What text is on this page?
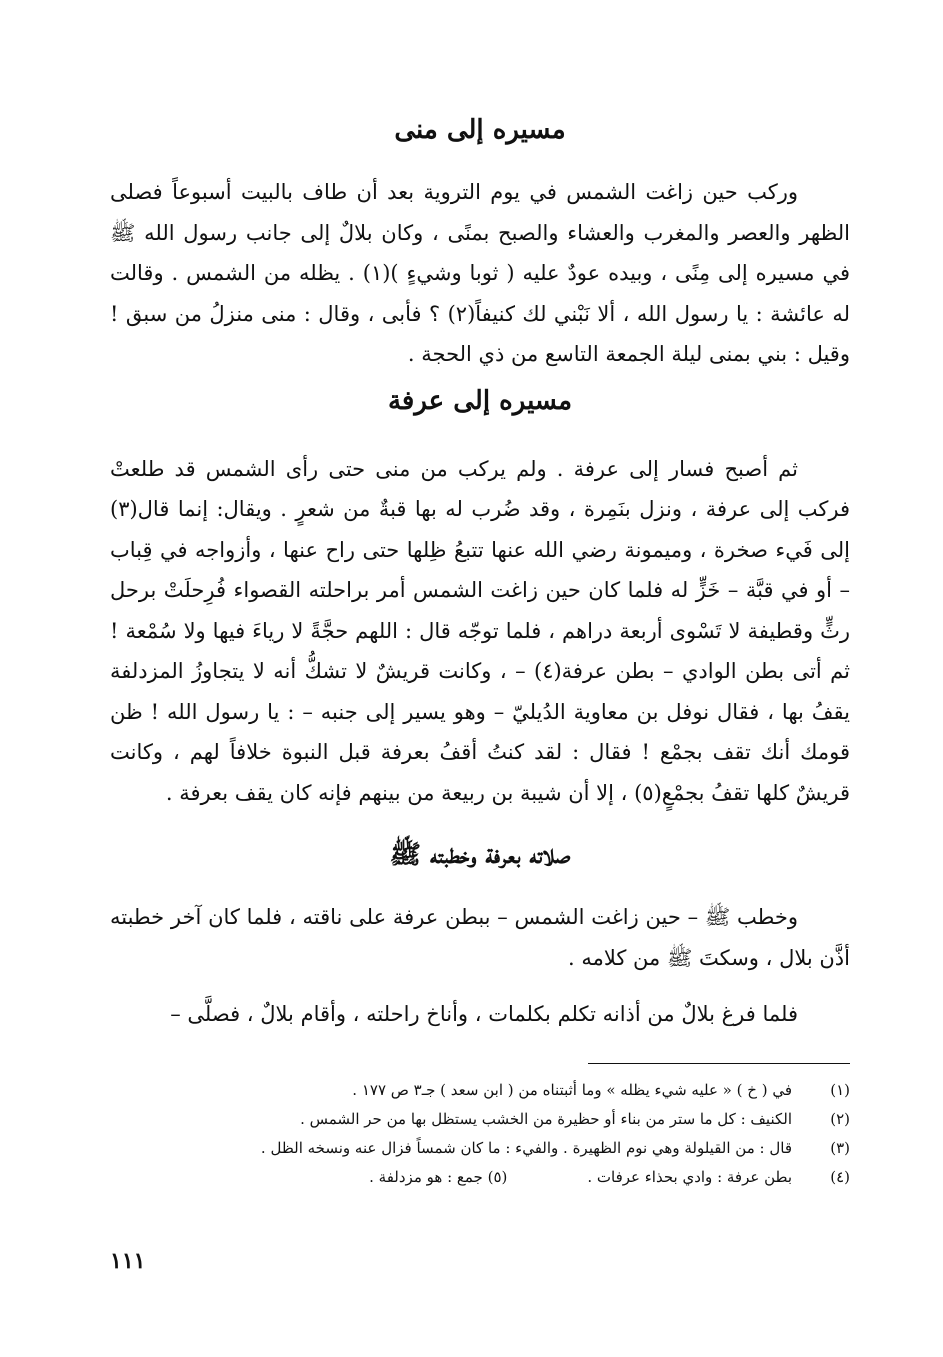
مسيره إلى منى

وركب حين زاغت الشمس في يوم التروية بعد أن طاف بالبيت أسبوعاً فصلى الظهر والعصر والمغرب والعشاء والصبح بمنًى ، وكان بلالٌ إلى جانب رسول الله ﷺ في مسيره إلى مِنًى ، وبيده عودٌ عليه ( ثوبا وشيءٍ )(١) . يظله من الشمس . وقالت له عائشة : يا رسول الله ، ألا نَبْني لك كنيفاً(٢) ؟ فأبى ، وقال : منى منزلُ من سبق ! وقيل : بني بمنى ليلة الجمعة التاسع من ذي الحجة .

مسيره إلى عرفة

ثم أصبح فسار إلى عرفة . ولم يركب من منى حتى رأى الشمس قد طلعتْ فركب إلى عرفة ، ونزل بنَمِرة ، وقد ضُرب له بها قبةٌ من شعرٍ . ويقال: إنما قال(٣) إلى فَيء صخرة ، وميمونة رضي الله عنها تتبعُ ظِلها حتى راح عنها ، وأزواجه في قِباب – أو في قبَّة – خَزٍّ له فلما كان حين زاغت الشمس أمر براحلته القصواء فُرِحلَتْ برحل رثٍّ وقطيفة لا تَسْوى أربعة دراهم ، فلما توجّه قال : اللهم حجَّةً لا رياءَ فيها ولا سُمْعة ! ثم أتى بطن الوادي – بطن عرفة(٤) – ، وكانت قريشٌ لا تشكُّ أنه لا يتجاوزُ المزدلفة يقفُ بها ، فقال نوفل بن معاوية الدُيليّ – وهو يسير إلى جنبه – : يا رسول الله ! ظن قومك أنك تقف بجمْع ! فقال : لقد كنتُ أقفُ بعرفة قبل النبوة خلافاً لهم ، وكانت قريشٌ كلها تقفُ بجمْعٍ(٥) ، إلا أن شيبة بن ربيعة من بينهم فإنه كان يقف بعرفة .

صلاته بعرفة وخطبته ﷺ

وخطب ﷺ – حين زاغت الشمس – ببطن عرفة على ناقته ، فلما كان آخر خطبته أذَّن بلال ، وسكتَ ﷺ من كلامه .

فلما فرغ بلالٌ من أذانه تكلم بكلمات ، وأناخ راحلته ، وأقام بلالٌ ، فصلَّى –

(١)
في ( خ ) « عليه شيء يظله » وما أثبتناه من ( ابن سعد ) جـ٣ ص ١٧٧ .
(٢)
الكنيف : كل ما ستر من بناء أو حظيرة من الخشب يستظل بها من حر الشمس .
(٣)
قال : من القيلولة وهي نوم الظهيرة . والفيء : ما كان شمساً فزال عنه ونسخه الظل .
(٤)
بطن عرفة : وادي بحذاء عرفات .
(٥) جمع : هو مزدلفة .
١١١
